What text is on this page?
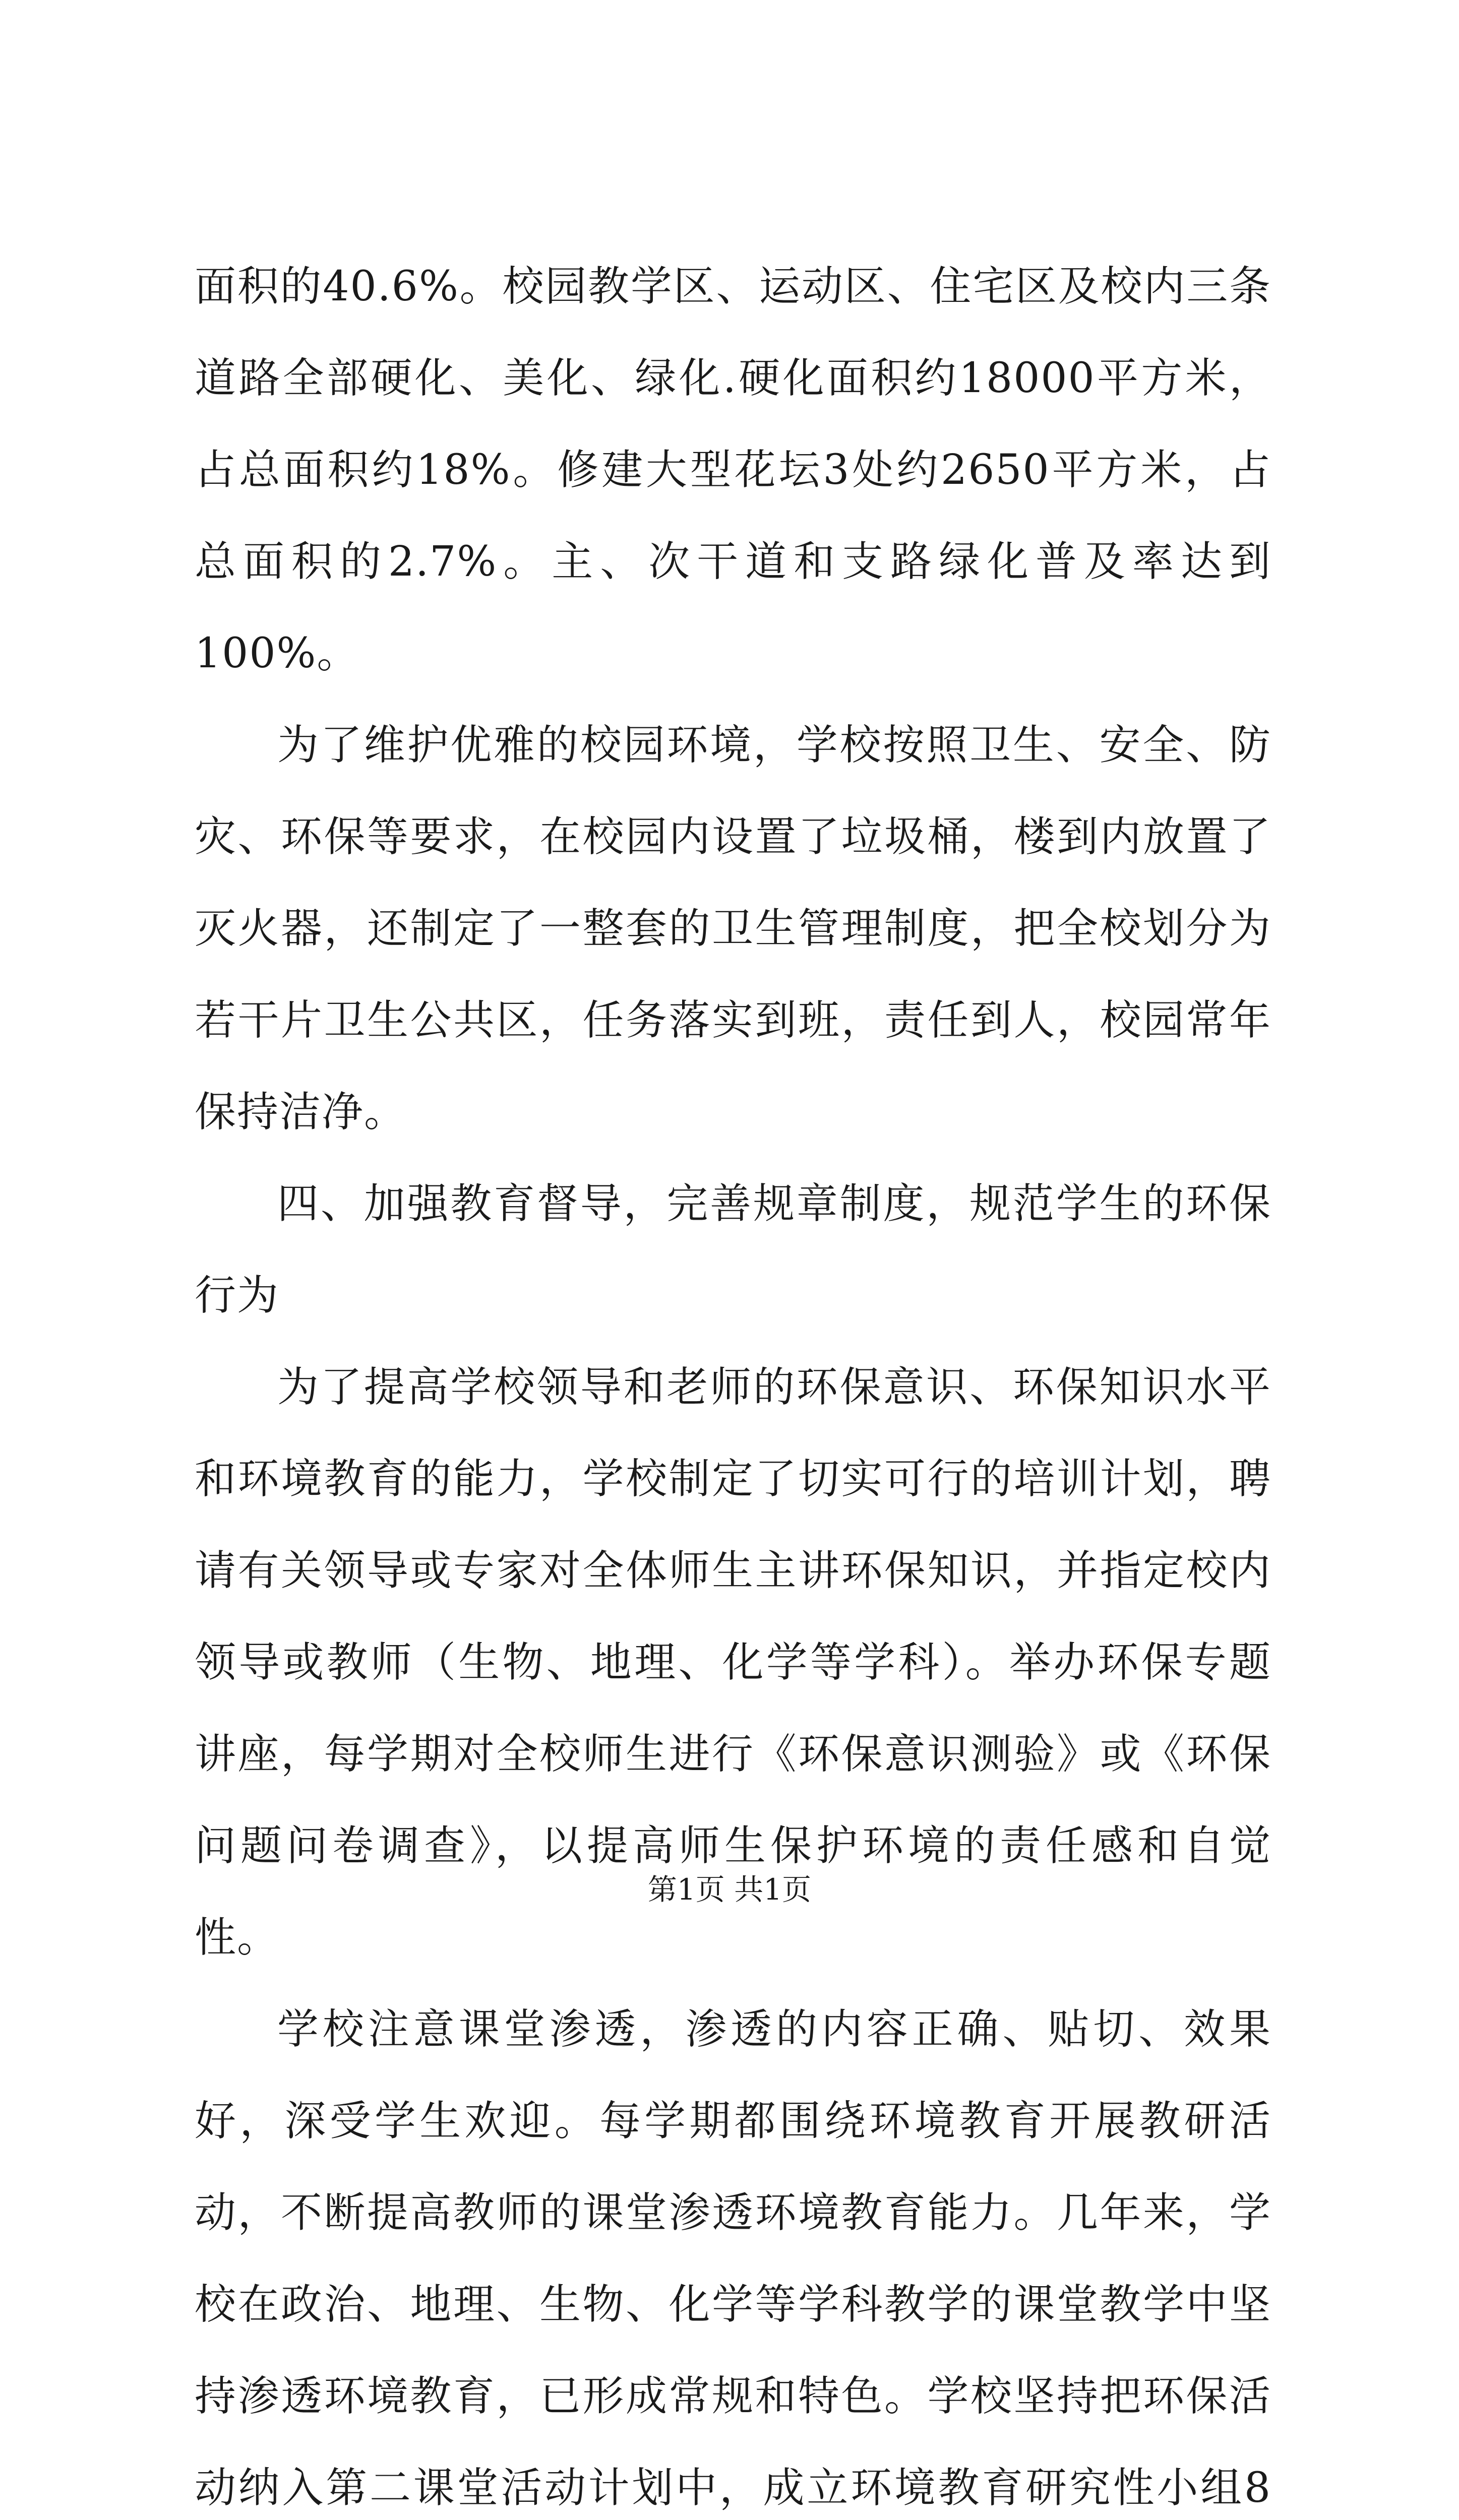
面积的40.6%。校园教学区、运动区、住宅区及校内三条道路全部硬化、美化、绿化.硬化面积约18000平方米，占总面积约18%。修建大型花坛3处约2650平方米，占总面积的2.7%。主、次干道和支路绿化普及率达到100%。

为了维护优雅的校园环境，学校按照卫生、安全、防灾、环保等要求，在校园内设置了垃圾桶，楼到内放置了灭火器，还制定了一整套的卫生管理制度，把全校划分为若干片卫生公共区，任务落实到班，责任到人，校园常年保持洁净。

四、加强教育督导，完善规章制度，规范学生的环保行为

为了提高学校领导和老师的环保意识、环保知识水平和环境教育的能力，学校制定了切实可行的培训计划，聘请有关领导或专家对全体师生主讲环保知识，并指定校内领导或教师（生物、地理、化学等学科）。举办环保专题讲座，每学期对全校师生进行《环保意识测验》或《环保问题问卷调查》，以提高师生保护环境的责任感和自觉性。

学校注意课堂渗透，渗透的内容正确、贴切、效果好，深受学生欢迎。每学期都围绕环境教育开展教研活动，不断提高教师的课堂渗透环境教育能力。几年来，学校在政治、地理、生物、化学等学科教学的课堂教学中坚持渗透环境教育，已形成常规和特色。学校坚持把环保活动纳入第二课堂活动计划中，成立环境教育研究性小组8

第1页 共1页
